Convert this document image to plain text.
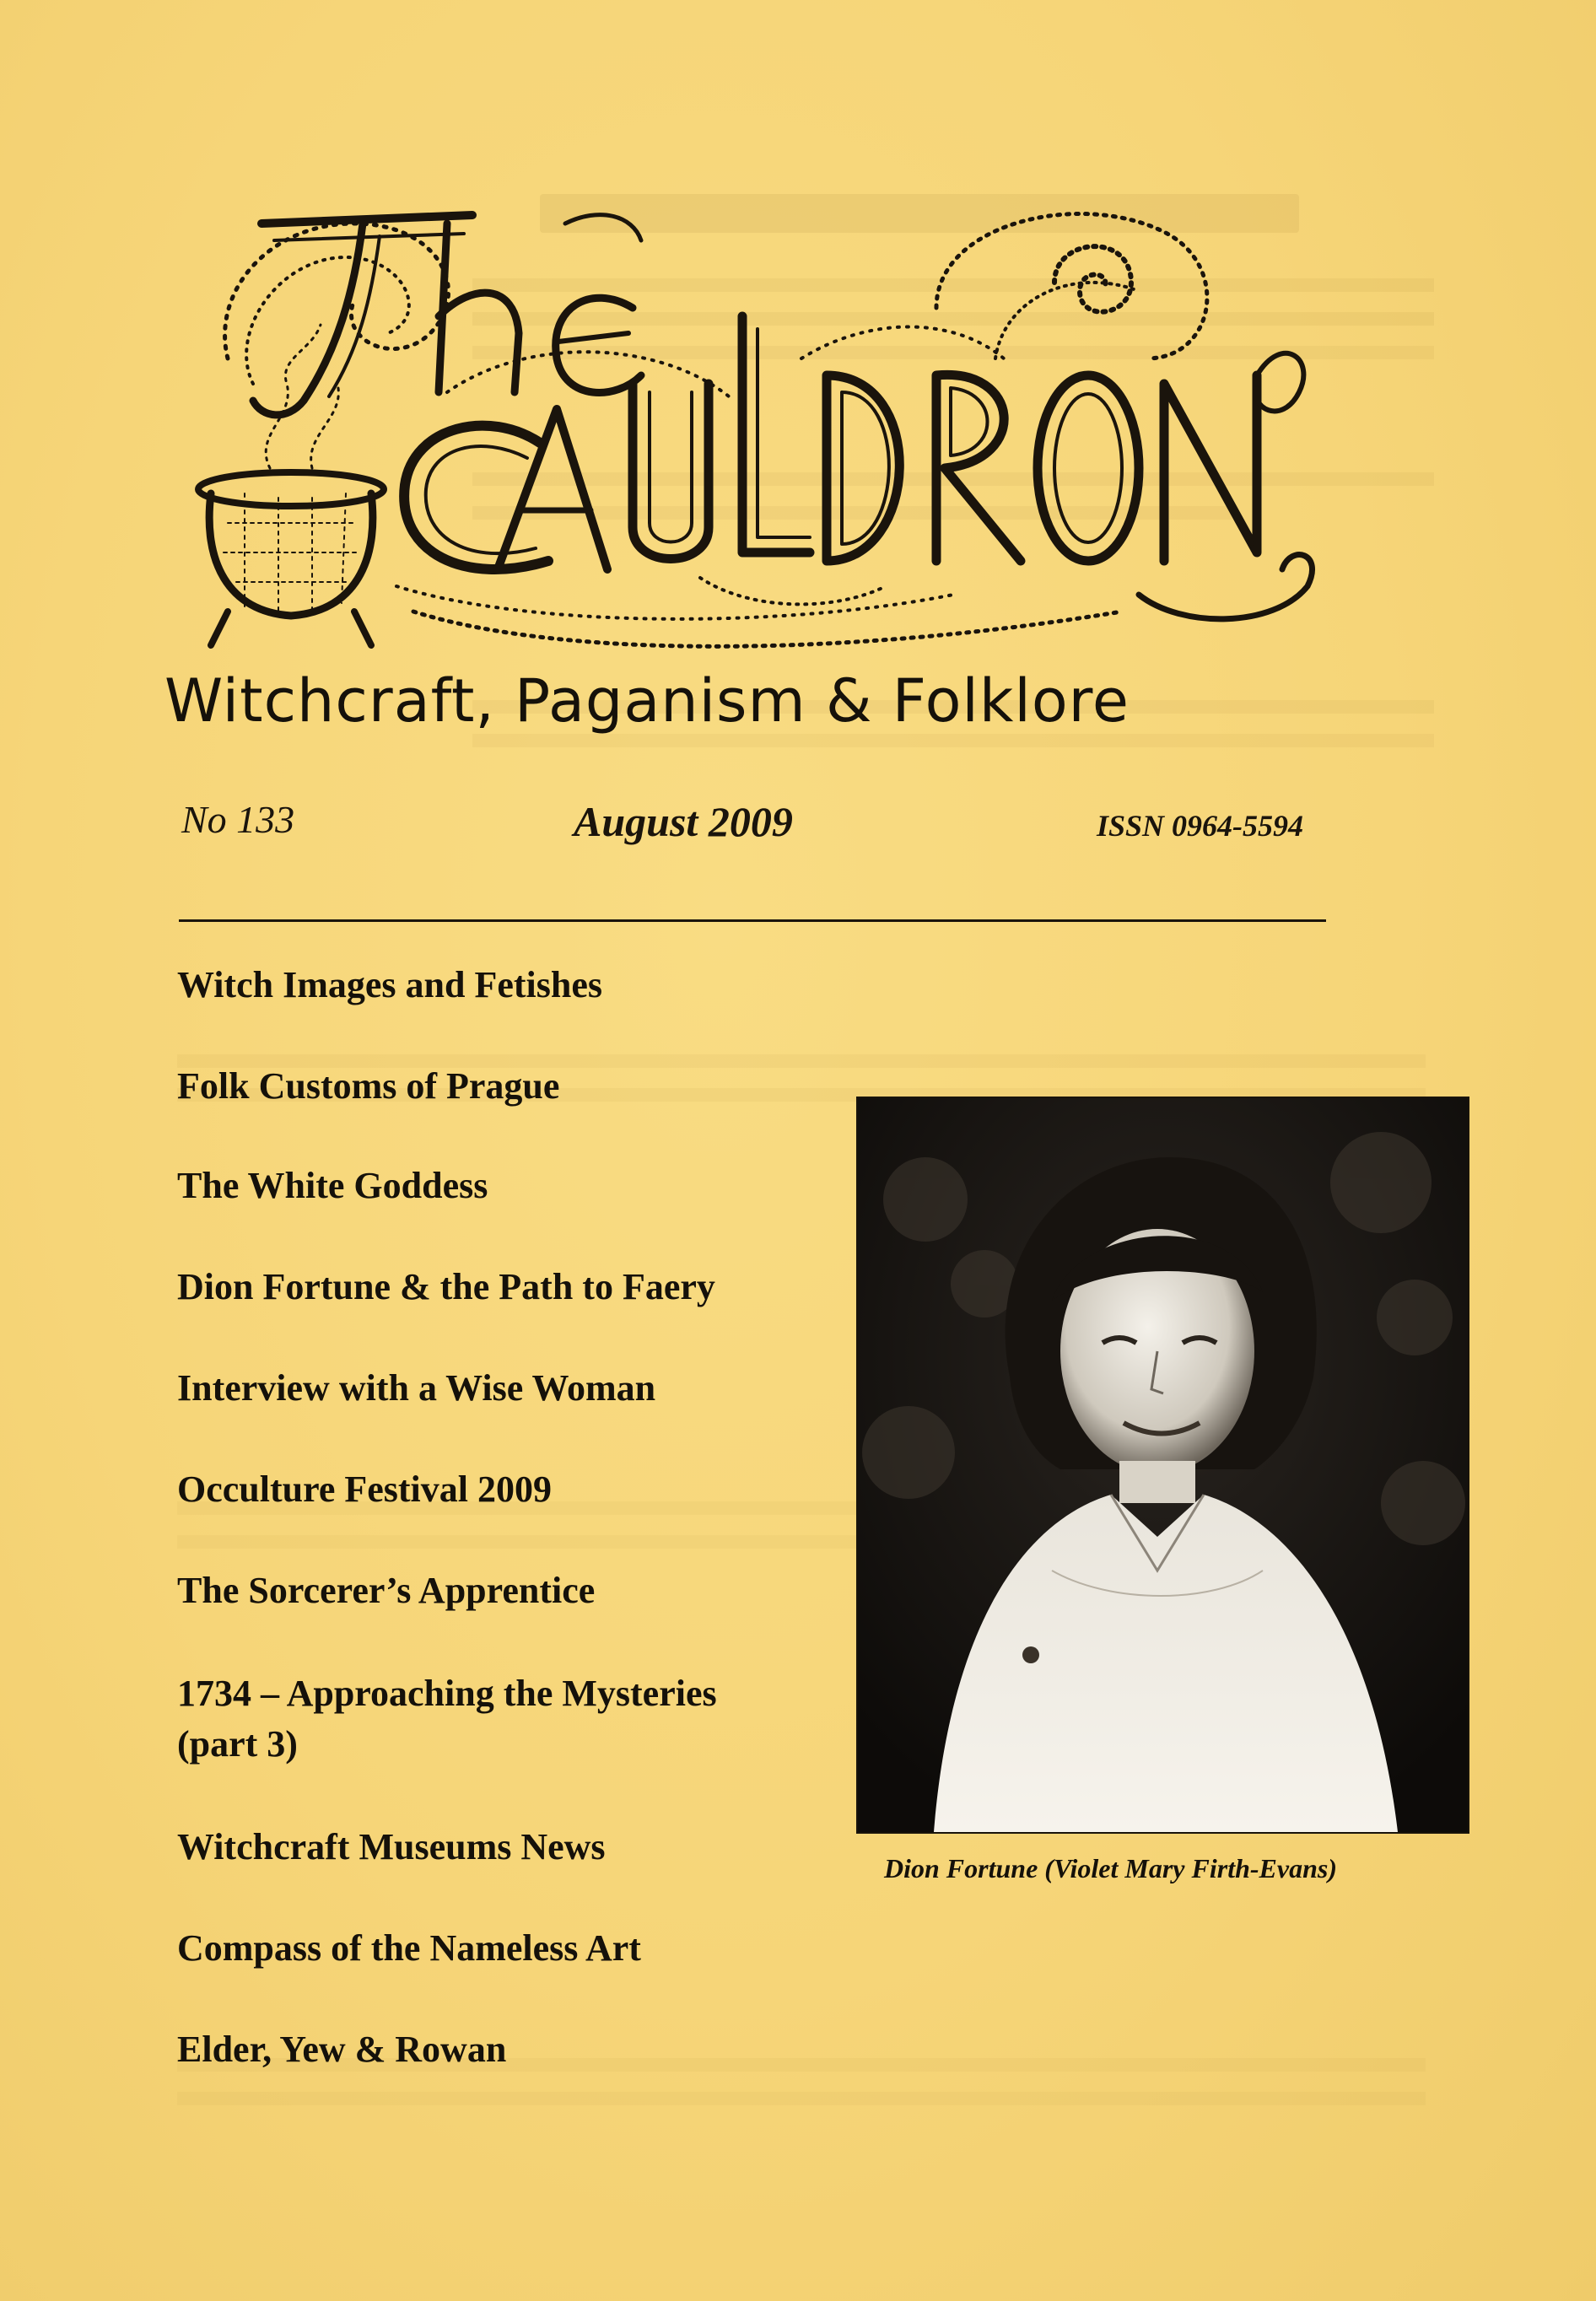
Witchcraft, Paganism & Folklore
No 133	August 2009	ISSN 0964-5594
Witch Images and Fetishes
Folk Customs of Prague
The White Goddess
Dion Fortune & the Path to Faery
Interview with a Wise Woman
Occulture Festival 2009
The Sorcerer’s Apprentice
1734 – Approaching the Mysteries
(part 3)
Witchcraft Museums News
Compass of the Nameless Art
Elder, Yew & Rowan
Dion Fortune (Violet Mary Firth-Evans)
